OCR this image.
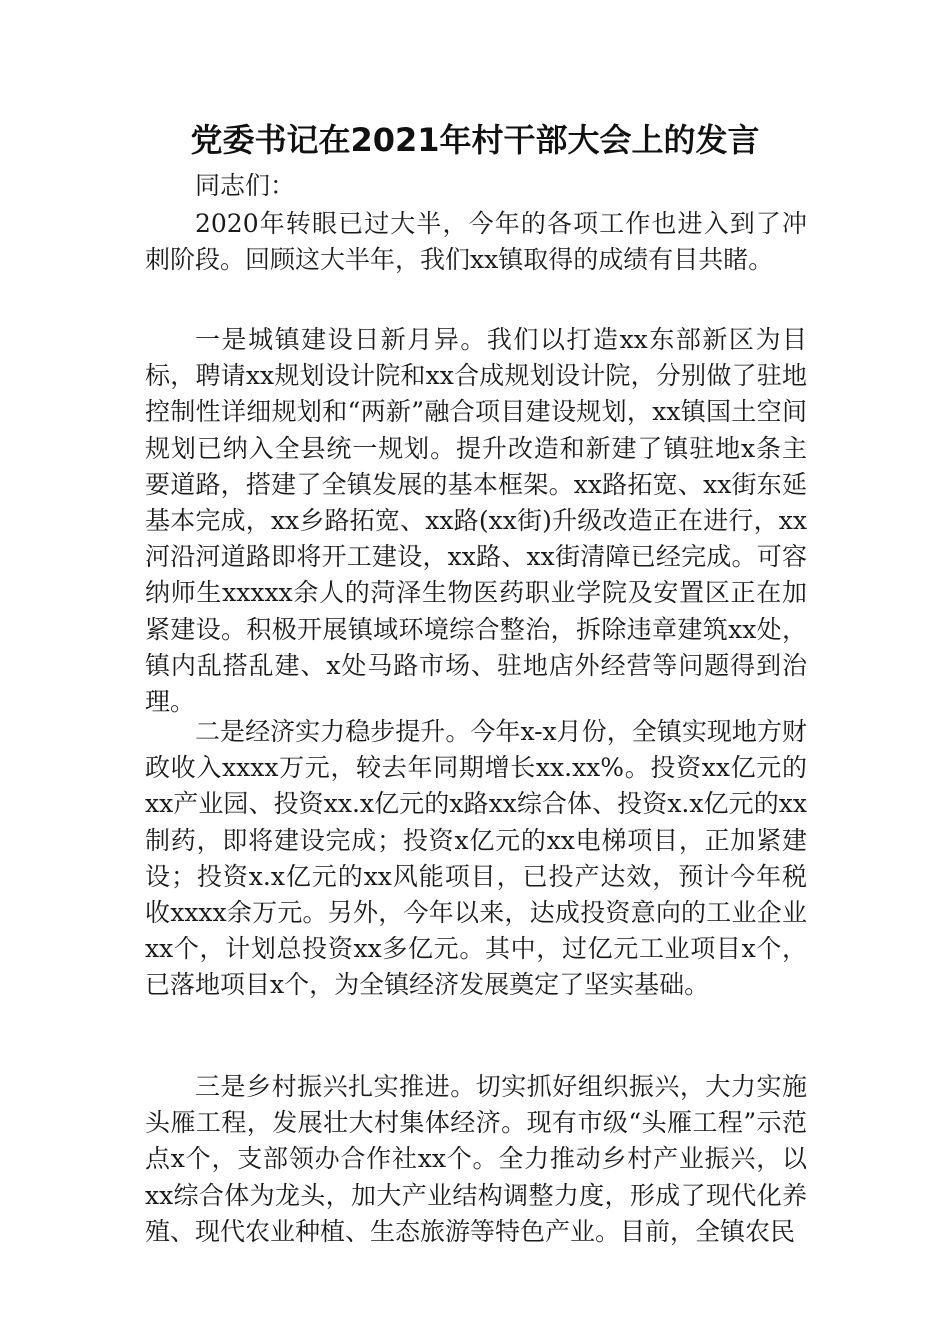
党委书记在2021年村干部大会上的发言

同志们：

2020年转眼已过大半，今年的各项工作也进入到了冲刺阶段。回顾这大半年，我们xx镇取得的成绩有目共睹。

一是城镇建设日新月异。我们以打造xx东部新区为目标，聘请xx规划设计院和xx合成规划设计院，分别做了驻地控制性详细规划和“两新”融合项目建设规划，xx镇国土空间规划已纳入全县统一规划。提升改造和新建了镇驻地x条主要道路，搭建了全镇发展的基本框架。xx路拓宽、xx街东延基本完成，xx乡路拓宽、xx路(xx街)升级改造正在进行，xx河沿河道路即将开工建设，xx路、xx街清障已经完成。可容纳师生xxxxx余人的菏泽生物医药职业学院及安置区正在加紧建设。积极开展镇域环境综合整治，拆除违章建筑xx处，镇内乱搭乱建、x处马路市场、驻地店外经营等问题得到治理。

二是经济实力稳步提升。今年x-x月份，全镇实现地方财政收入xxxx万元，较去年同期增长xx.xx%。投资xx亿元的xx产业园、投资xx.x亿元的x路xx综合体、投资x.x亿元的xx制药，即将建设完成；投资x亿元的xx电梯项目，正加紧建设；投资x.x亿元的xx风能项目，已投产达效，预计今年税收xxxx余万元。另外，今年以来，达成投资意向的工业企业xx个，计划总投资xx多亿元。其中，过亿元工业项目x个，已落地项目x个，为全镇经济发展奠定了坚实基础。

三是乡村振兴扎实推进。切实抓好组织振兴，大力实施头雁工程，发展壮大村集体经济。现有市级“头雁工程”示范点x个，支部领办合作社xx个。全力推动乡村产业振兴，以xx综合体为龙头，加大产业结构调整力度，形成了现代化养殖、现代农业种植、生态旅游等特色产业。目前，全镇农民
